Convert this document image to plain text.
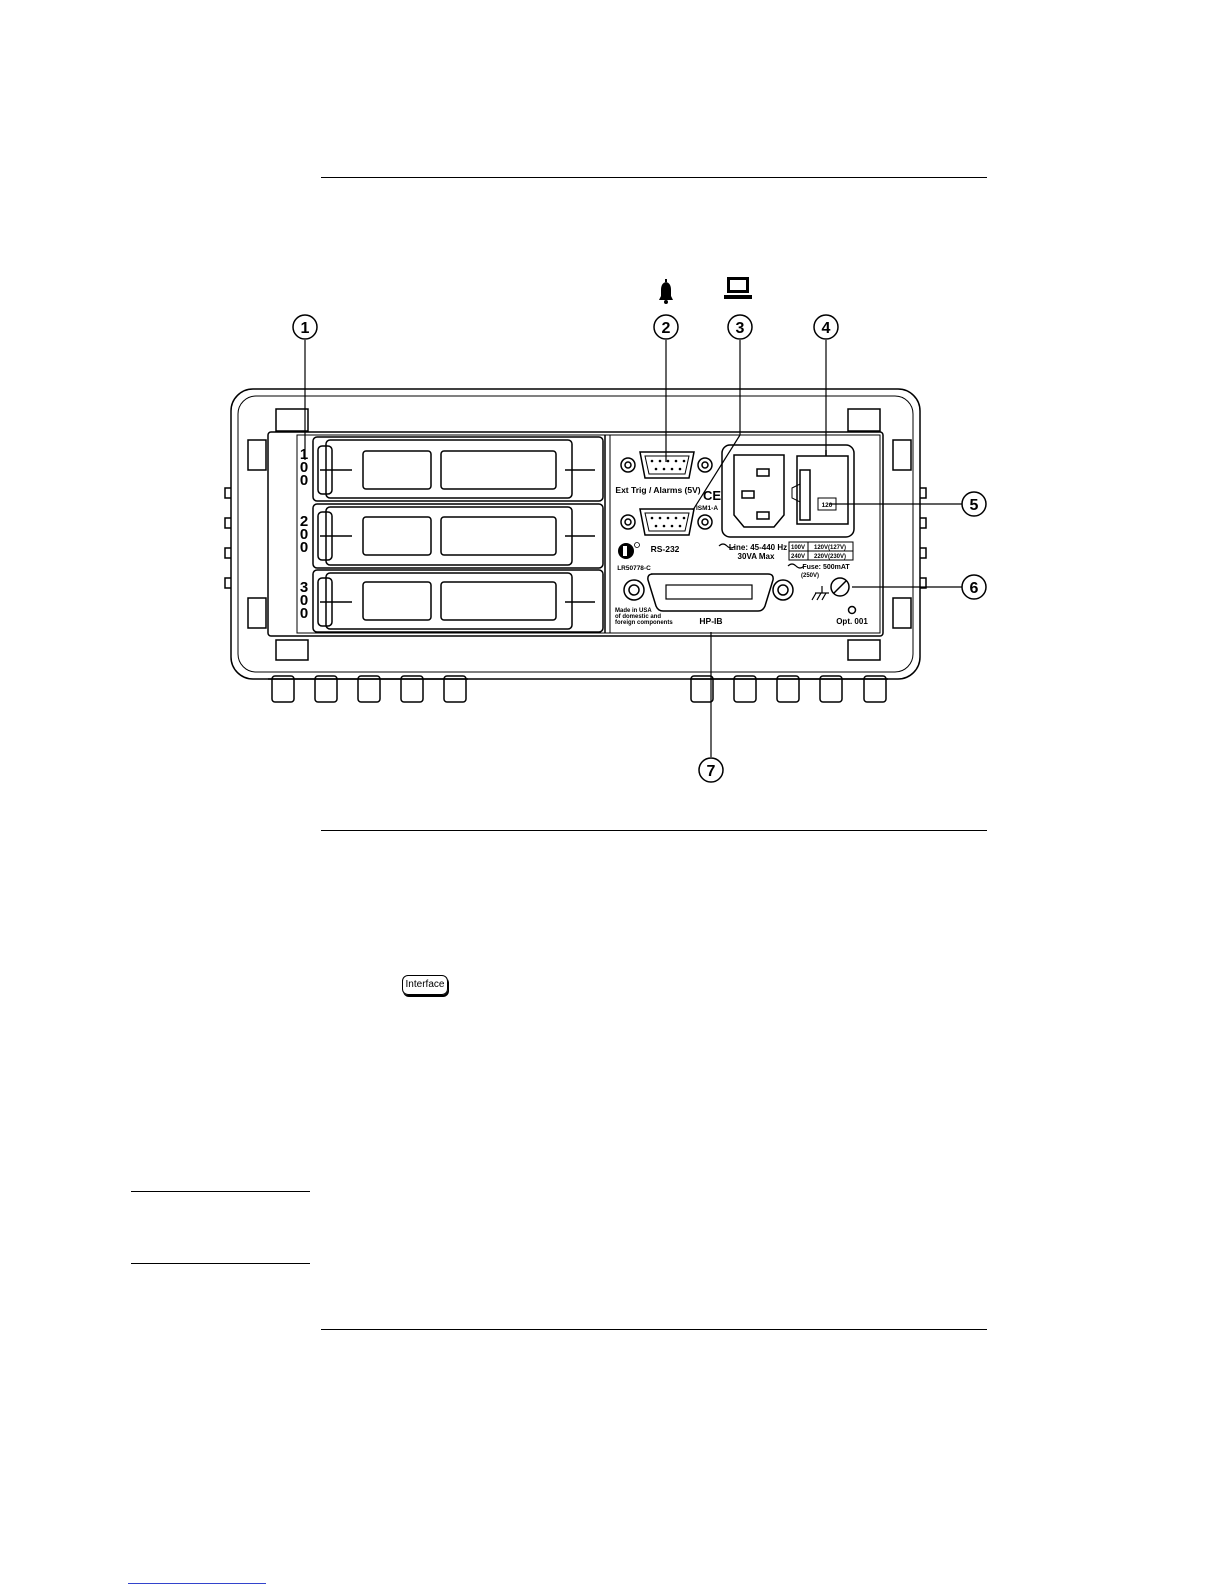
Interface
1	2	3	4
5
6
7
1 0 0
2 0 0
3 0 0
Ext Trig / Alarms (5V)
RS-232
CE
ISM1-A
LR50778-C
120
Line: 45-440 Hz
30VA Max
100V 120V(127V)
240V 220V(230V)
Fuse: 500mAT
(250V)
HP-IB
Made in USA
of domestic and
foreign components	Opt. 001
